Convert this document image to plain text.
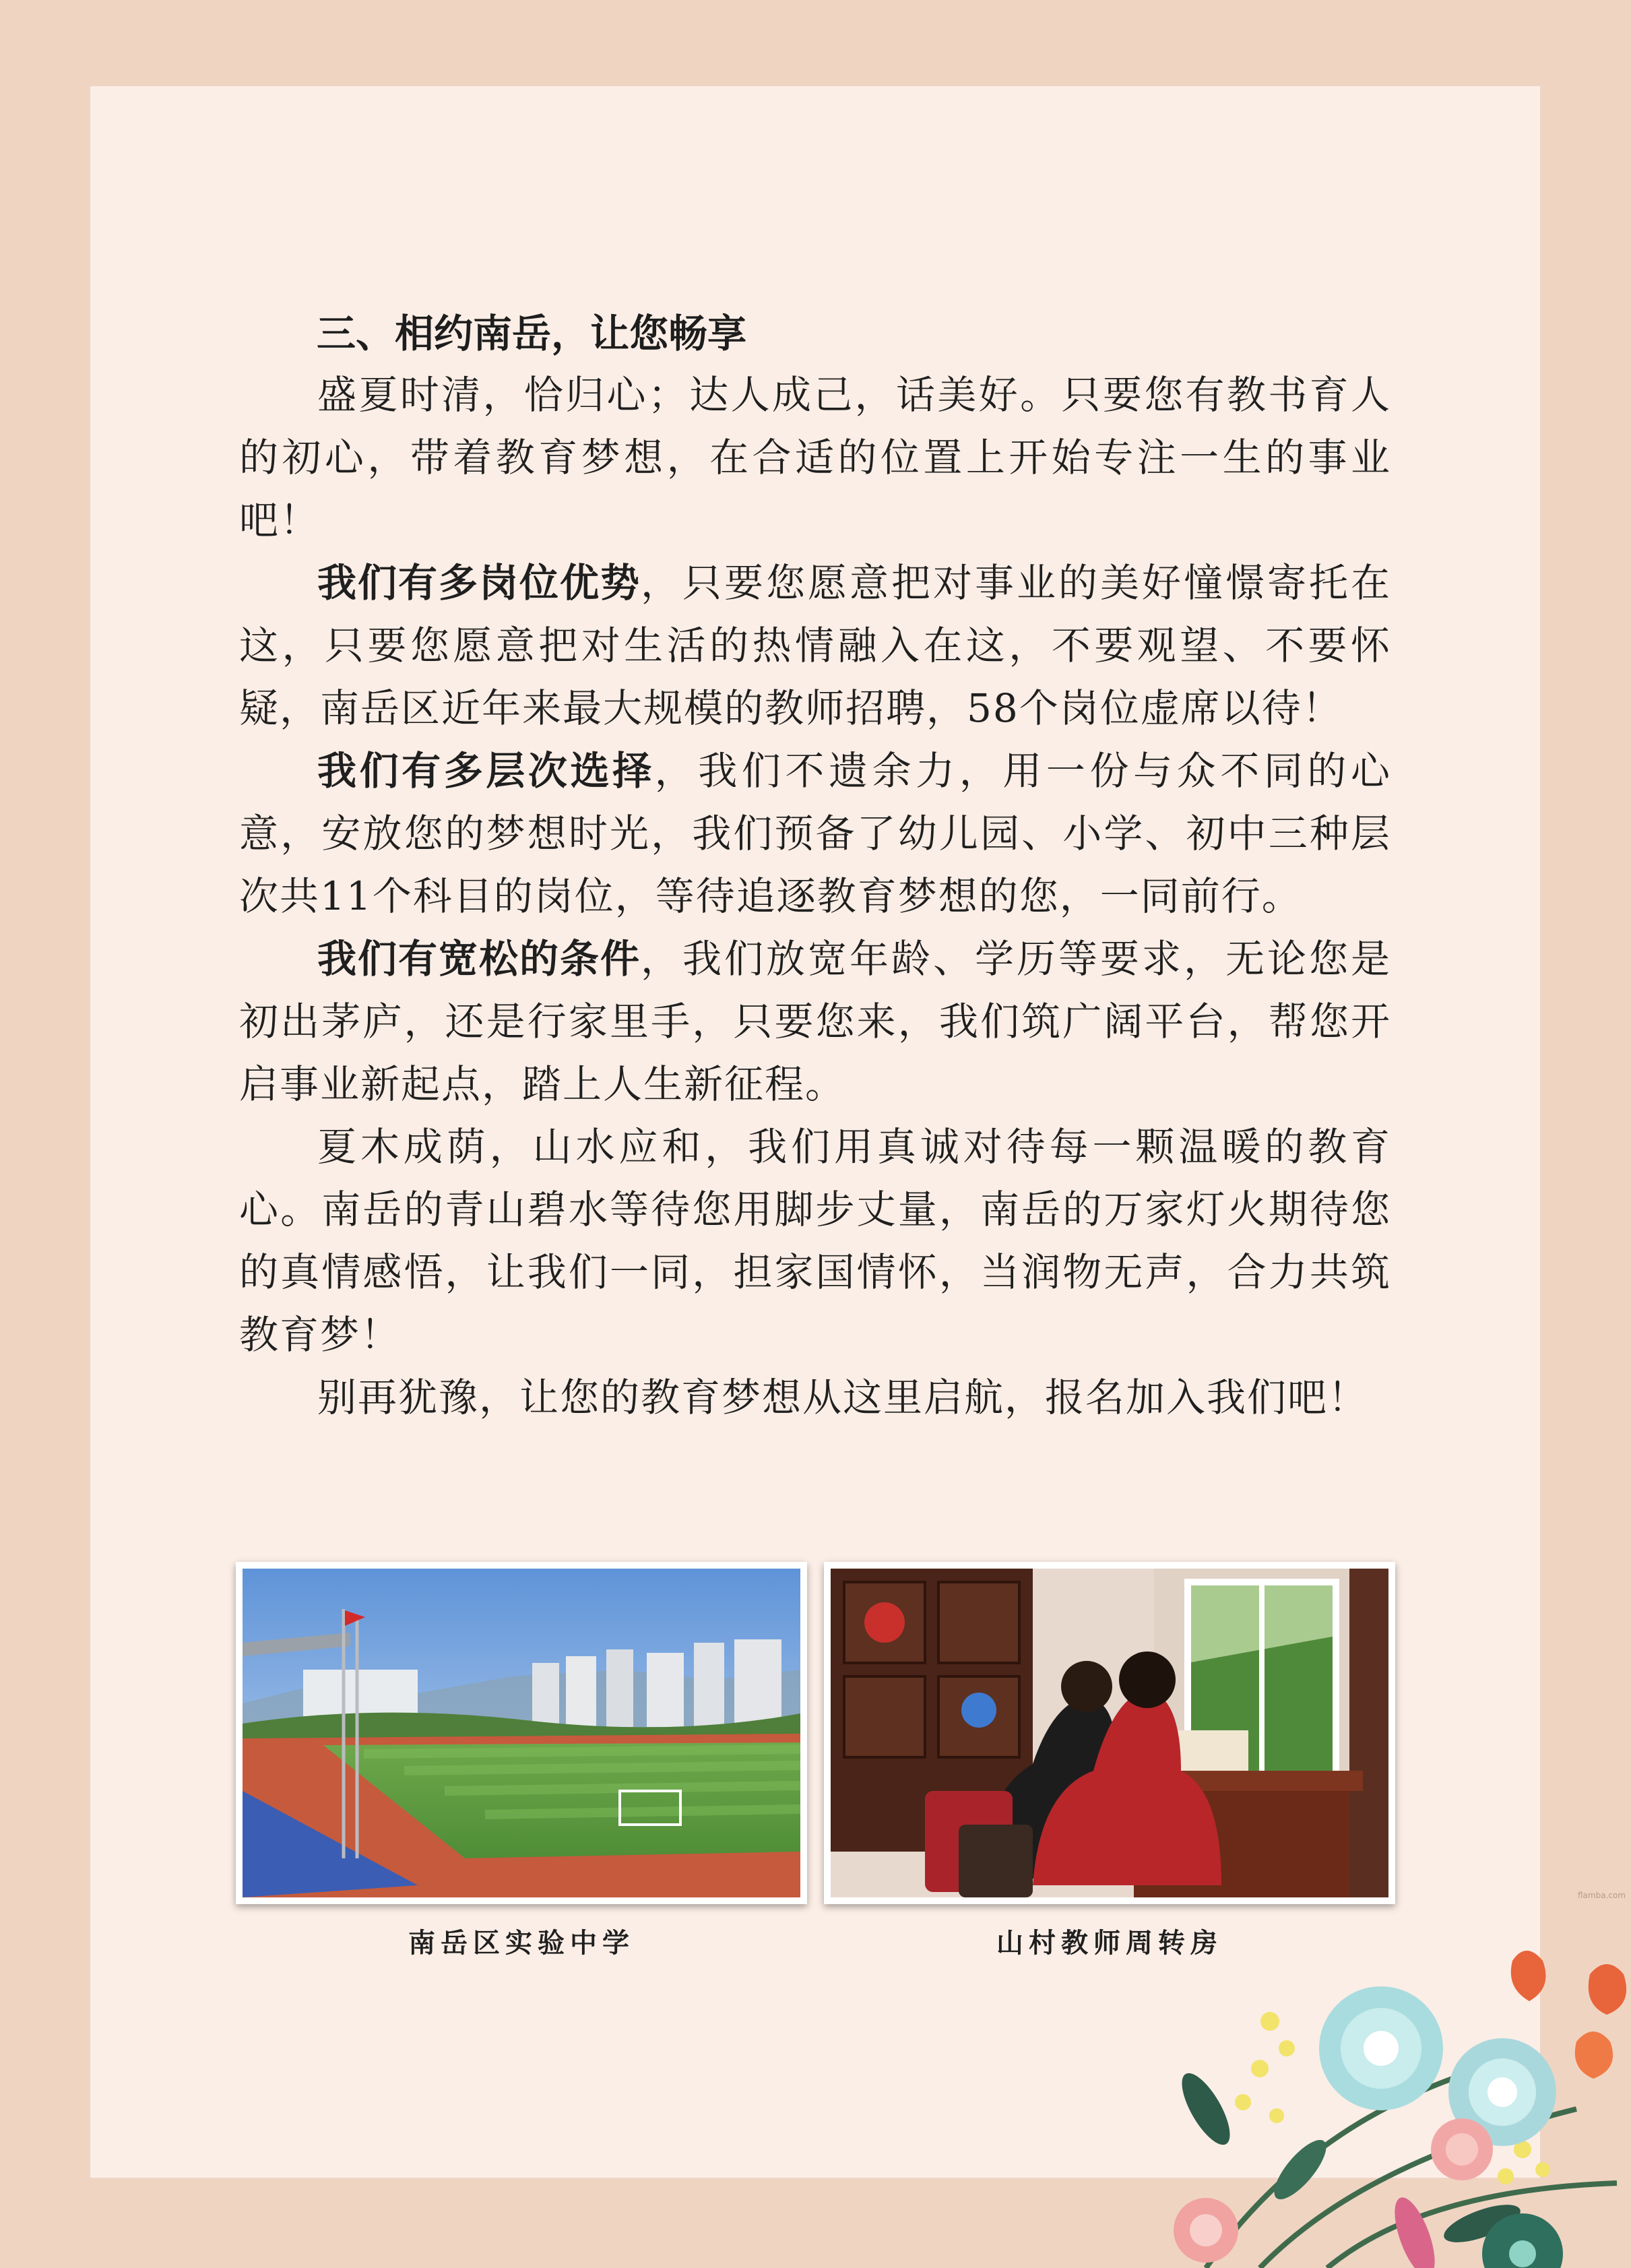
三、相约南岳，让您畅享

盛夏时清，恰归心；达人成己，话美好。只要您有教书育人的初心，带着教育梦想，在合适的位置上开始专注一生的事业吧！

我们有多岗位优势，只要您愿意把对事业的美好憧憬寄托在这，只要您愿意把对生活的热情融入在这，不要观望、不要怀疑，南岳区近年来最大规模的教师招聘，58个岗位虚席以待！

我们有多层次选择，我们不遗余力，用一份与众不同的心意，安放您的梦想时光，我们预备了幼儿园、小学、初中三种层次共11个科目的岗位，等待追逐教育梦想的您，一同前行。

我们有宽松的条件，我们放宽年龄、学历等要求，无论您是初出茅庐，还是行家里手，只要您来，我们筑广阔平台，帮您开启事业新起点，踏上人生新征程。

夏木成荫，山水应和，我们用真诚对待每一颗温暖的教育心。南岳的青山碧水等待您用脚步丈量，南岳的万家灯火期待您的真情感悟，让我们一同，担家国情怀，当润物无声，合力共筑教育梦！

别再犹豫，让您的教育梦想从这里启航，报名加入我们吧！

南岳区实验中学	山村教师周转房
flamba.com
